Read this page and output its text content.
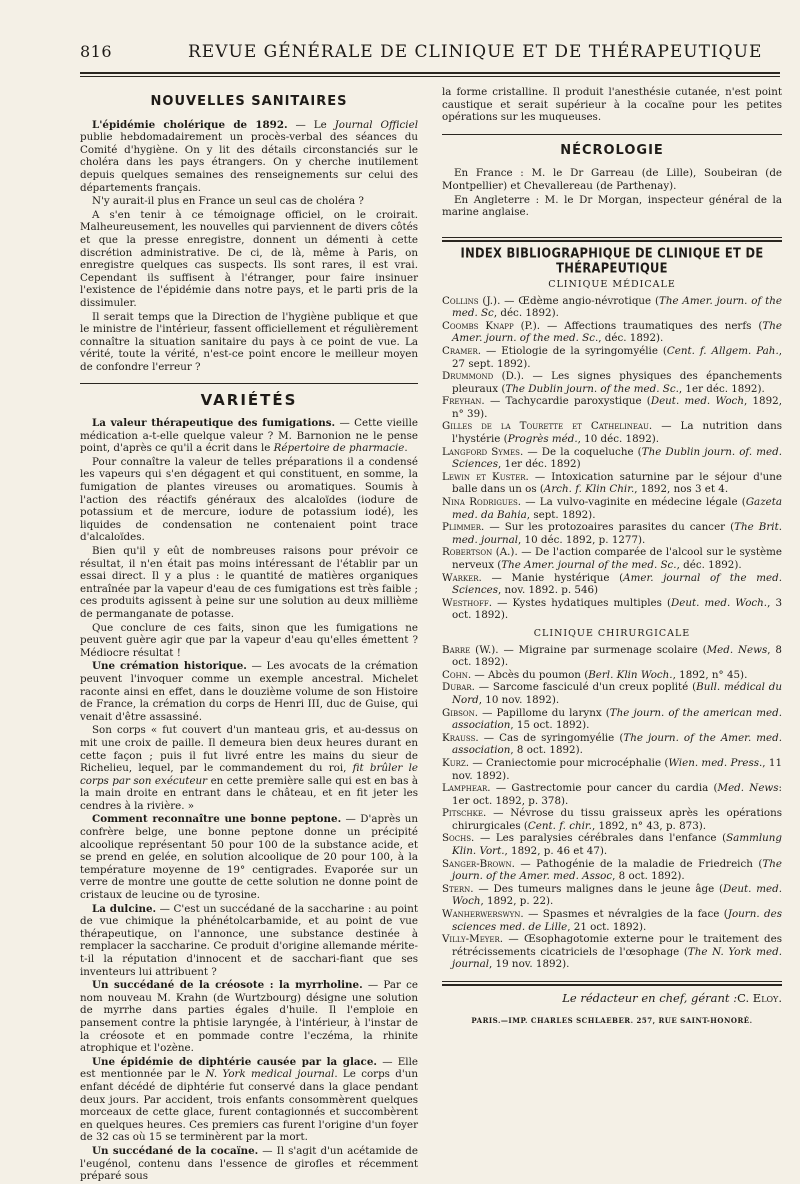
816	REVUE GÉNÉRALE DE CLINIQUE ET DE THÉRAPEUTIQUE
NOUVELLES SANITAIRES

L'épidémie cholérique de 1892. — Le Journal Officiel publie hebdomadairement un procès-verbal des séances du Comité d'hygiène. On y lit des détails circonstanciés sur le choléra dans les pays étrangers. On y cherche inutilement depuis quelques semaines des renseignements sur celui des départements français.

N'y aurait-il plus en France un seul cas de choléra ?

A s'en tenir à ce témoignage officiel, on le croirait. Malheureusement, les nouvelles qui parviennent de divers côtés et que la presse enregistre, donnent un démenti à cette discrétion administrative. De ci, de là, même à Paris, on enregistre quelques cas suspects. Ils sont rares, il est vrai. Cependant ils suffisent à l'étranger, pour faire insinuer l'existence de l'épidémie dans notre pays, et le parti pris de la dissimuler.

Il serait temps que la Direction de l'hygiène publique et que le ministre de l'intérieur, fassent officiellement et régulièrement connaître la situation sanitaire du pays à ce point de vue. La vérité, toute la vérité, n'est-ce point encore le meilleur moyen de confondre l'erreur ?

VARIÉTÉS

La valeur thérapeutique des fumigations. — Cette vieille médication a-t-elle quelque valeur ? M. Barnonion ne le pense point, d'après ce qu'il a écrit dans le Répertoire de pharmacie.

Pour connaître la valeur de telles préparations il a condensé les vapeurs qui s'en dégagent et qui constituent, en somme, la fumigation de plantes vireuses ou aromatiques. Soumis à l'action des réactifs généraux des alcaloïdes (iodure de potassium et de mercure, iodure de potassium iodé), les liquides de condensation ne contenaient point trace d'alcaloïdes.

Bien qu'il y eût de nombreuses raisons pour prévoir ce résultat, il n'en était pas moins intéressant de l'établir par un essai direct. Il y a plus : le quantité de matières organiques entraînée par la vapeur d'eau de ces fumigations est très faible ; ces produits agissent à peine sur une solution au deux millième de permanganate de potasse.

Que conclure de ces faits, sinon que les fumigations ne peuvent guère agir que par la vapeur d'eau qu'elles émettent ? Médiocre résultat !

Une crémation historique. — Les avocats de la crémation peuvent l'invoquer comme un exemple ancestral. Michelet raconte ainsi en effet, dans le douzième volume de son Histoire de France, la crémation du corps de Henri III, duc de Guise, qui venait d'être assassiné.

Son corps « fut couvert d'un manteau gris, et au-dessus on mit une croix de paille. Il demeura bien deux heures durant en cette façon ; puis il fut livré entre les mains du sieur de Richelieu, lequel, par le commandement du roi, fit brûler le corps par son exécuteur en cette première salle qui est en bas à la main droite en entrant dans le château, et en fit jeter les cendres à la rivière. »

Comment reconnaître une bonne peptone. — D'après un confrère belge, une bonne peptone donne un précipité alcoolique représentant 50 pour 100 de la substance acide, et se prend en gelée, en solution alcoolique de 20 pour 100, à la température moyenne de 19° centigrades. Evaporée sur un verre de montre une goutte de cette solution ne donne point de cristaux de leucine ou de tyrosine.

La dulcine. — C'est un succédané de la saccharine : au point de vue chimique la phénétolcarbamide, et au point de vue thérapeutique, on l'annonce, une substance destinée à remplacer la saccharine. Ce produit d'origine allemande mérite-t-il la réputation d'innocent et de sacchari-fiant que ses inventeurs lui attribuent ?

Un succédané de la créosote : la myrrholine. — Par ce nom nouveau M. Krahn (de Wurtzbourg) désigne une solution de myrrhe dans parties égales d'huile. Il l'emploie en pansement contre la phtisie laryngée, à l'intérieur, à l'instar de la créosote et en pommade contre l'eczéma, la rhinite atrophique et l'ozène.

Une épidémie de diphtérie causée par la glace. — Elle est mentionnée par le N. York medical journal. Le corps d'un enfant décédé de diphtérie fut conservé dans la glace pendant deux jours. Par accident, trois enfants consommèrent quelques morceaux de cette glace, furent contagionnés et succombèrent en quelques heures. Ces premiers cas furent l'origine d'un foyer de 32 cas où 15 se terminèrent par la mort.

Un succédané de la cocaïne. — Il s'agit d'un acétamide de l'eugénol, contenu dans l'essence de girofles et récemment préparé sous

la forme cristalline. Il produit l'anesthésie cutanée, n'est point caustique et serait supérieur à la cocaïne pour les petites opérations sur les muqueuses.

NÉCROLOGIE

En France : M. le Dr Garreau (de Lille), Soubeiran (de Montpellier) et Chevallereau (de Parthenay).

En Angleterre : M. le Dr Morgan, inspecteur général de la marine anglaise.

INDEX BIBLIOGRAPHIQUE DE CLINIQUE ET DE THÉRAPEUTIQUE
CLINIQUE MÉDICALE

Collins (J.). — Œdème angio-névrotique (The Amer. journ. of the med. Sc, déc. 1892).

Coombs Knapp (P.). — Affections traumatiques des nerfs (The Amer. journ. of the med. Sc., déc. 1892).

Cramer. — Etiologie de la syringomyélie (Cent. f. Allgem. Pah., 27 sept. 1892).

Drummond (D.). — Les signes physiques des épanchements pleuraux (The Dublin journ. of the med. Sc., 1er déc. 1892).

Freyhan. — Tachycardie paroxystique (Deut. med. Woch, 1892, n° 39).

Gilles de la Tourette et Cathelineau. — La nutrition dans l'hystérie (Progrès méd., 10 déc. 1892).

Langford Symes. — De la coqueluche (The Dublin journ. of. med. Sciences, 1er déc. 1892)

Lewin et Kuster. — Intoxication saturnine par le séjour d'une balle dans un os (Arch. f. Klin Chir., 1892, nos 3 et 4.

Nina Rodrigues. — La vulvo-vaginite en médecine légale (Gazeta med. da Bahia, sept. 1892).

Plimmer. — Sur les protozoaires parasites du cancer (The Brit. med. journal, 10 déc. 1892, p. 1277).

Robertson (A.). — De l'action comparée de l'alcool sur le système nerveux (The Amer. journal of the med. Sc., déc. 1892).

Warker. — Manie hystérique (Amer. journal of the med. Sciences, nov. 1892. p. 546)

Westhoff. — Kystes hydatiques multiples (Deut. med. Woch., 3 oct. 1892).

CLINIQUE CHIRURGICALE

Barre (W.). — Migraine par surmenage scolaire (Med. News, 8 oct. 1892).

Cohn. — Abcès du poumon (Berl. Klin Woch., 1892, n° 45).

Dubar. — Sarcome fasciculé d'un creux poplité (Bull. médical du Nord, 10 nov. 1892).

Gibson. — Papillome du larynx (The journ. of the american med. association, 15 oct. 1892).

Krauss. — Cas de syringomyélie (The journ. of the Amer. med. association, 8 oct. 1892).

Kurz. — Craniectomie pour microcéphalie (Wien. med. Press., 11 nov. 1892).

Lamphear. — Gastrectomie pour cancer du cardia (Med. News: 1er oct. 1892, p. 378).

Pitschke. — Névrose du tissu graisseux après les opérations chirurgicales (Cent. f. chir., 1892, n° 43, p. 873).

Sochs. — Les paralysies cérébrales dans l'enfance (Sammlung Klin. Vort., 1892, p. 46 et 47).

Sanger-Brown. — Pathogénie de la maladie de Friedreich (The journ. of the Amer. med. Assoc, 8 oct. 1892).

Stern. — Des tumeurs malignes dans le jeune âge (Deut. med. Woch, 1892, p. 22).

Wanherwerswyn. — Spasmes et névralgies de la face (Journ. des sciences med. de Lille, 21 oct. 1892).

Villy-Meyer. — Œsophagotomie externe pour le traitement des rétrécissements cicatriciels de l'œsophage (The N. York med. journal, 19 nov. 1892).

Le rédacteur en chef, gérant :C. Eloy.
PARIS.—IMP. CHARLES SCHLAEBER. 257, RUE SAINT-HONORÉ.
